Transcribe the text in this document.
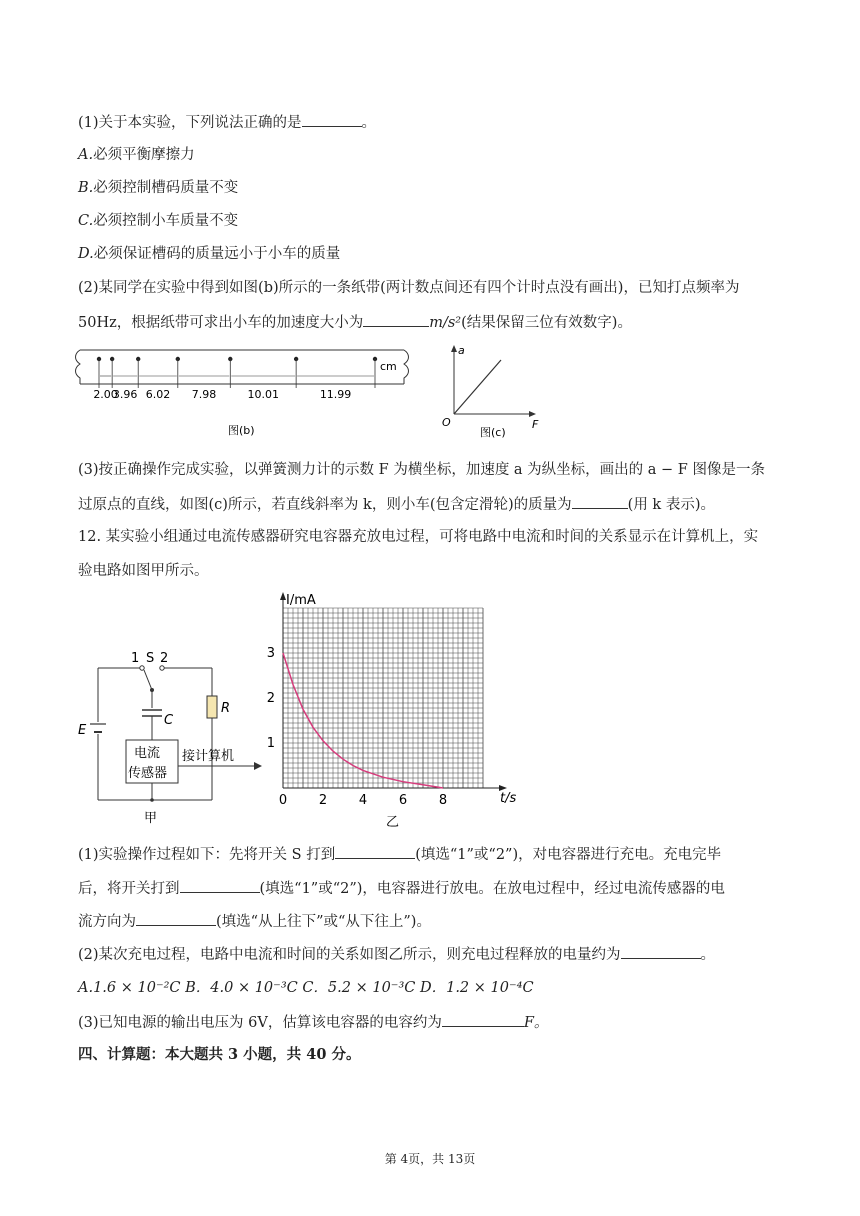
(1)关于本实验，下列说法正确的是	。
A.必须平衡摩擦力
B.必须控制槽码质量不变
C.必须控制小车质量不变
D.必须保证槽码的质量远小于小车的质量
(2)某同学在实验中得到如图(b)所示的一条纸带(两计数点间还有四个计时点没有画出)，已知打点频率为
50Hz，根据纸带可求出小车的加速度大小为	m/s²(结果保留三位有效数字)。
2.00
3.96 6.02 7.98	10.01	11.99
cm
图(b)
a
F
O
图(c)
(3)按正确操作完成实验，以弹簧测力计的示数 F 为横坐标，加速度 a 为纵坐标，画出的 a − F 图像是一条
过原点的直线，如图(c)所示，若直线斜率为 k，则小车(包含定滑轮)的质量为	(用 k 表示)。
12. 某实验小组通过电流传感器研究电容器充放电过程，可将电路中电流和时间的关系显示在计算机上，实
验电路如图甲所示。
电流
传感器
接计算机
1 S 2
C
R
E
甲
0 2 4 6 8
1
2
3
I/mA
t/s
乙
(1)实验操作过程如下：先将开关 S 打到	(填选“1”或“2”)，对电容器进行充电。充电完毕
后，将开关打到	(填选“1”或“2”)，电容器进行放电。在放电过程中，经过电流传感器的电
流方向为	(填选“从上往下”或“从下往上”)。
(2)某次充电过程，电路中电流和时间的关系如图乙所示，则充电过程释放的电量约为	。
A.1.6 × 10⁻²C B．4.0 × 10⁻³C C．5.2 × 10⁻³C D．1.2 × 10⁻⁴C
(3)已知电源的输出电压为 6V，估算该电容器的电容约为	F。
四、计算题：本大题共 3 小题，共 40 分。
第 4页，共 13页
